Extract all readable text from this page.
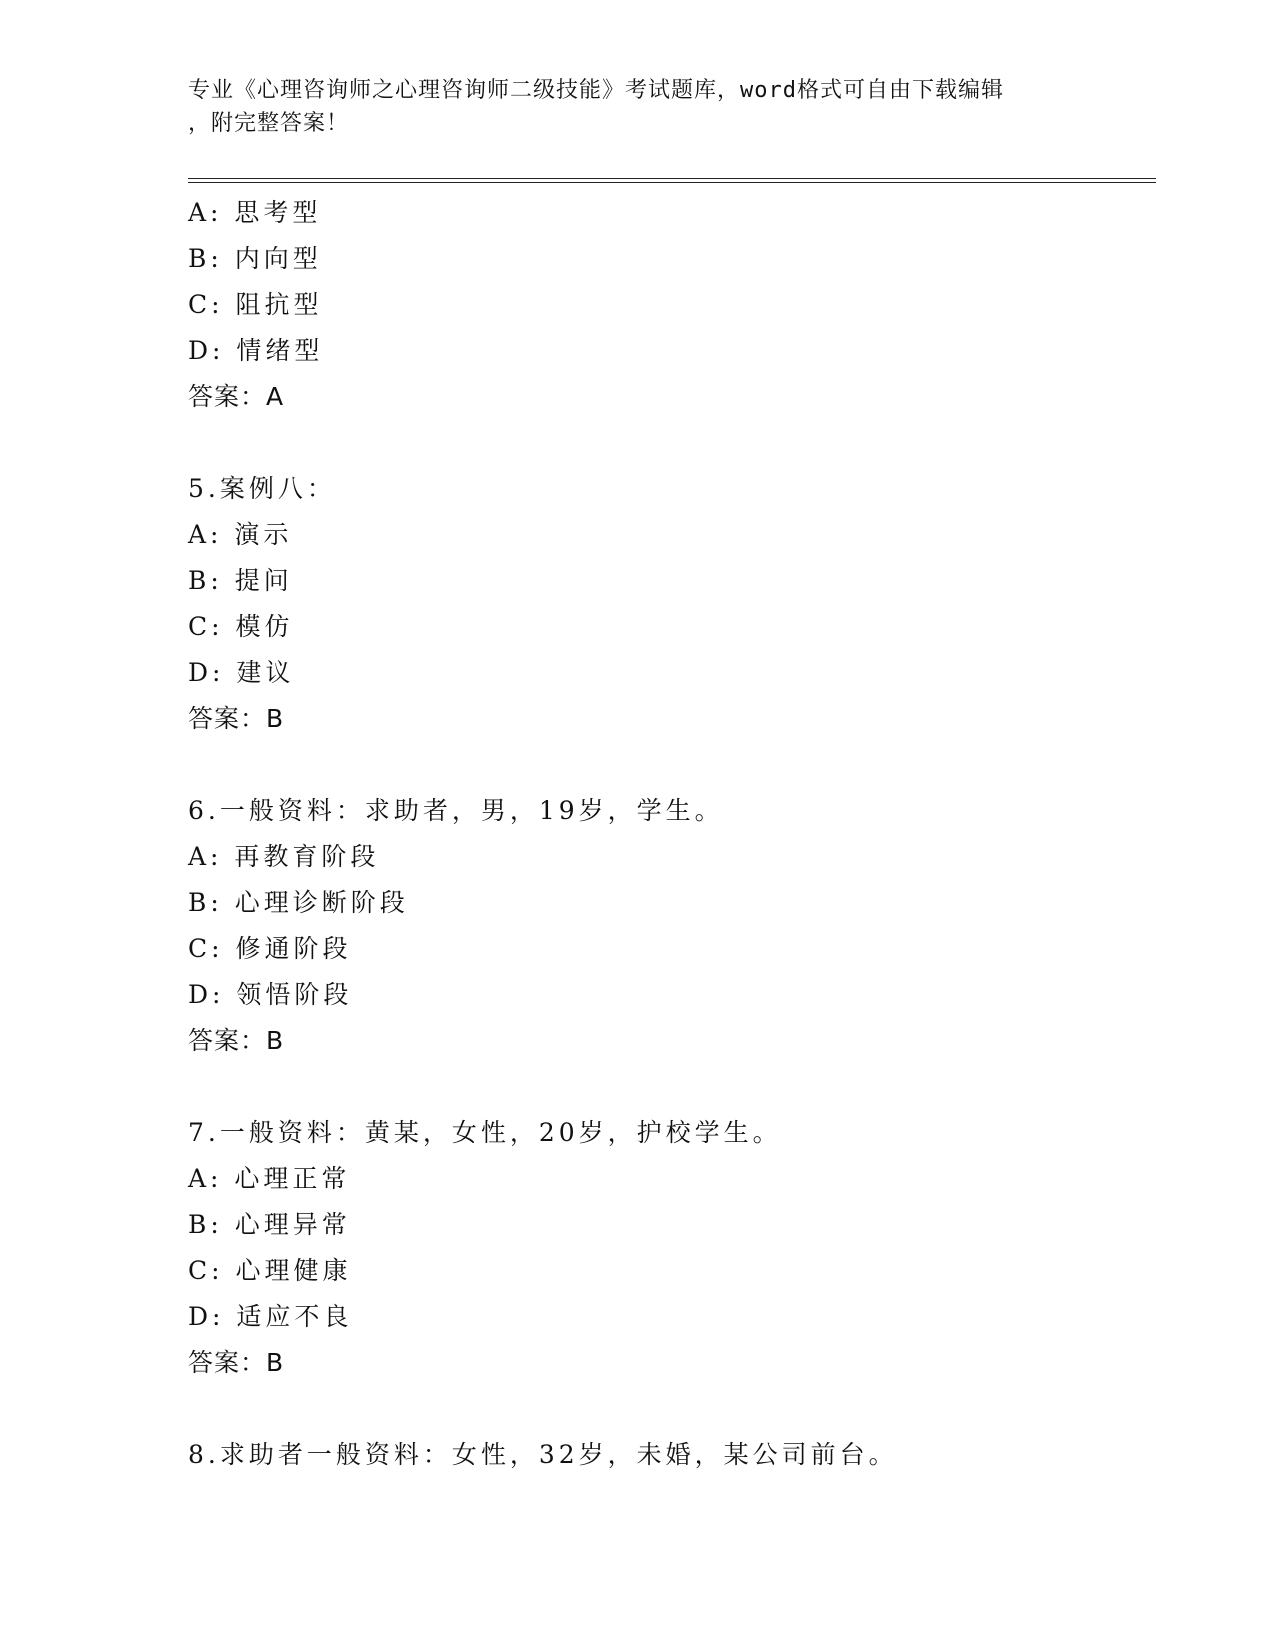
专业《心理咨询师之心理咨询师二级技能》考试题库，word格式可自由下载编辑
，附完整答案！
A: 思考型
B: 内向型
C: 阻抗型
D: 情绪型
答案：A
5.案例八：
A: 演示
B: 提问
C: 模仿
D: 建议
答案：B
6.一般资料：求助者，男，19岁，学生。
A: 再教育阶段
B: 心理诊断阶段
C: 修通阶段
D: 领悟阶段
答案：B
7.一般资料：黄某，女性，20岁，护校学生。
A: 心理正常
B: 心理异常
C: 心理健康
D: 适应不良
答案：B
8.求助者一般资料：女性，32岁，未婚，某公司前台。
